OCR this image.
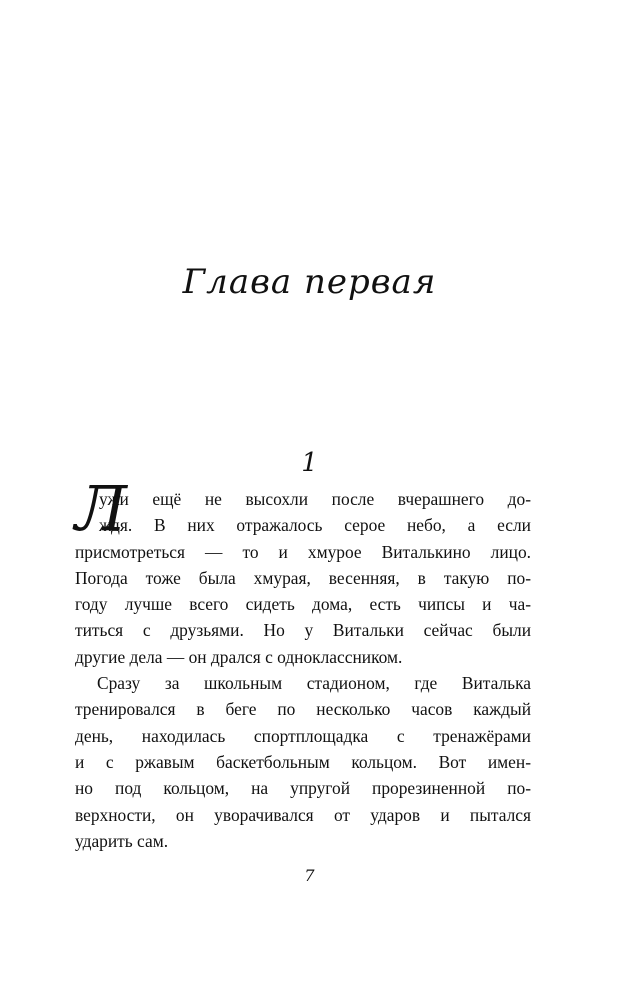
Глава первая
1
Л
ужи ещё не высохли после вчерашнего до-
ждя. В них отражалось серое небо, а если
присмотреться — то и хмурое Виталькино лицо.
Погода тоже была хмурая, весенняя, в такую по-
году лучше всего сидеть дома, есть чипсы и ча-
титься с друзьями. Но у Витальки сейчас были
другие дела — он дрался с одноклассником.
Сразу за школьным стадионом, где Виталька
тренировался в беге по несколько часов каждый
день, находилась спортплощадка с тренажёрами
и с ржавым баскетбольным кольцом. Вот имен-
но под кольцом, на упругой прорезиненной по-
верхности, он уворачивался от ударов и пытался
ударить сам.
7
